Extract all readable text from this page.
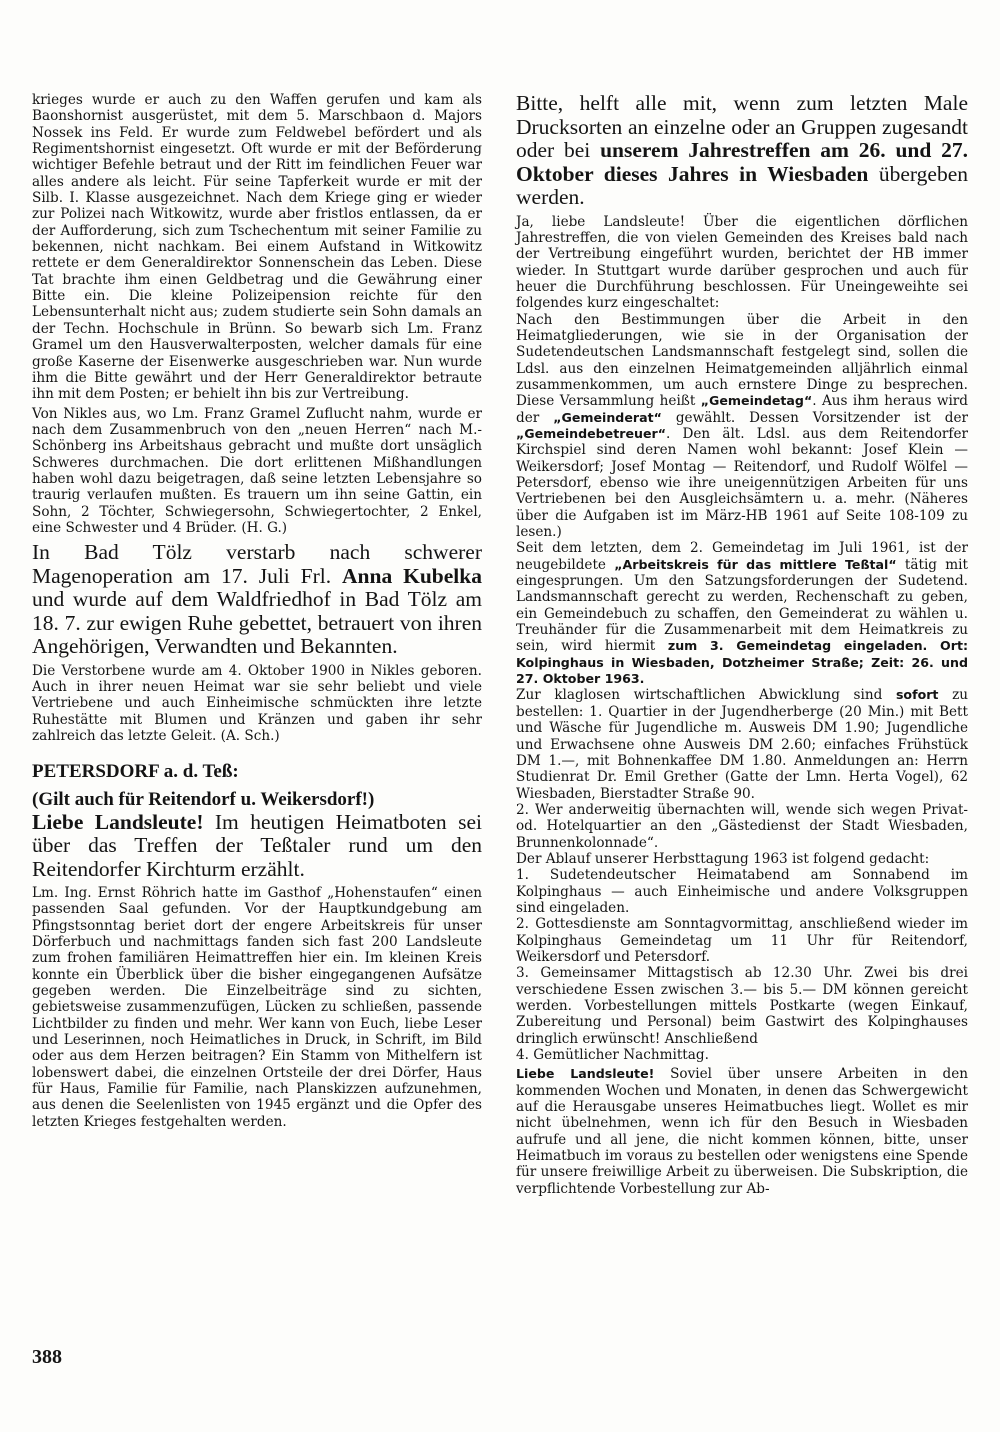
krieges wurde er auch zu den Waffen gerufen und kam als Baonshornist ausgerüstet, mit dem 5. Marschbaon d. Majors Nossek ins Feld. Er wurde zum Feldwebel befördert und als Regimentshornist eingesetzt. Oft wurde er mit der Beförderung wichtiger Befehle betraut und der Ritt im feindlichen Feuer war alles andere als leicht. Für seine Tapferkeit wurde er mit der Silb. I. Klasse ausgezeichnet. Nach dem Kriege ging er wieder zur Polizei nach Witkowitz, wurde aber fristlos entlassen, da er der Aufforderung, sich zum Tschechentum mit seiner Familie zu bekennen, nicht nachkam. Bei einem Aufstand in Witkowitz rettete er dem Generaldirektor Sonnenschein das Leben. Diese Tat brachte ihm einen Geldbetrag und die Gewährung einer Bitte ein. Die kleine Polizeipension reichte für den Lebensunterhalt nicht aus; zudem studierte sein Sohn damals an der Techn. Hochschule in Brünn. So bewarb sich Lm. Franz Gramel um den Hausverwalterposten, welcher damals für eine große Kaserne der Eisenwerke ausgeschrieben war. Nun wurde ihm die Bitte gewährt und der Herr Generaldirektor betraute ihn mit dem Posten; er behielt ihn bis zur Vertreibung.

Von Nikles aus, wo Lm. Franz Gramel Zuflucht nahm, wurde er nach dem Zusammenbruch von den „neuen Herren“ nach M.-Schönberg ins Arbeitshaus gebracht und mußte dort unsäglich Schweres durchmachen. Die dort erlittenen Mißhandlungen haben wohl dazu beigetragen, daß seine letzten Lebensjahre so traurig verlaufen mußten. Es trauern um ihn seine Gattin, ein Sohn, 2 Töchter, Schwiegersohn, Schwiegertochter, 2 Enkel, eine Schwester und 4 Brüder. (H. G.)

In Bad Tölz verstarb nach schwerer Magenoperation am 17. Juli Frl. Anna Kubelka und wurde auf dem Waldfriedhof in Bad Tölz am 18. 7. zur ewigen Ruhe gebettet, betrauert von ihren Angehörigen, Verwandten und Bekannten.

Die Verstorbene wurde am 4. Oktober 1900 in Nikles geboren. Auch in ihrer neuen Heimat war sie sehr beliebt und viele Vertriebene und auch Einheimische schmückten ihre letzte Ruhestätte mit Blumen und Kränzen und gaben ihr sehr zahlreich das letzte Geleit. (A. Sch.)

PETERSDORF a. d. Teß:
(Gilt auch für Reitendorf u. Weikersdorf!)

Liebe Landsleute! Im heutigen Heimatboten sei über das Treffen der Teßtaler rund um den Reitendorfer Kirchturm erzählt.

Lm. Ing. Ernst Röhrich hatte im Gasthof „Hohenstaufen“ einen passenden Saal gefunden. Vor der Hauptkundgebung am Pfingstsonntag beriet dort der engere Arbeitskreis für unser Dörferbuch und nachmittags fanden sich fast 200 Landsleute zum frohen familiären Heimattreffen hier ein. Im kleinen Kreis konnte ein Überblick über die bisher eingegangenen Aufsätze gegeben werden. Die Einzelbeiträge sind zu sichten, gebietsweise zusammenzufügen, Lücken zu schließen, passende Lichtbilder zu finden und mehr. Wer kann von Euch, liebe Leser und Leserinnen, noch Heimatliches in Druck, in Schrift, im Bild oder aus dem Herzen beitragen? Ein Stamm von Mithelfern ist lobenswert dabei, die einzelnen Ortsteile der drei Dörfer, Haus für Haus, Familie für Familie, nach Planskizzen aufzunehmen, aus denen die Seelenlisten von 1945 ergänzt und die Opfer des letzten Krieges festgehalten werden.

Bitte, helft alle mit, wenn zum letzten Male Drucksorten an einzelne oder an Gruppen zugesandt oder bei unserem Jahrestreffen am 26. und 27. Oktober dieses Jahres in Wiesbaden übergeben werden.

Ja, liebe Landsleute! Über die eigentlichen dörflichen Jahrestreffen, die von vielen Gemeinden des Kreises bald nach der Vertreibung eingeführt wurden, berichtet der HB immer wieder. In Stuttgart wurde darüber gesprochen und auch für heuer die Durchführung beschlossen. Für Uneingeweihte sei folgendes kurz eingeschaltet:

Nach den Bestimmungen über die Arbeit in den Heimatgliederungen, wie sie in der Organisation der Sudetendeutschen Landsmannschaft festgelegt sind, sollen die Ldsl. aus den einzelnen Heimatgemeinden alljährlich einmal zusammenkommen, um auch ernstere Dinge zu besprechen. Diese Versammlung heißt „Gemeindetag“. Aus ihm heraus wird der „Gemeinderat“ gewählt. Dessen Vorsitzender ist der „Gemeindebetreuer“. Den ält. Ldsl. aus dem Reitendorfer Kirchspiel sind deren Namen wohl bekannt: Josef Klein — Weikersdorf; Josef Montag — Reitendorf, und Rudolf Wölfel — Petersdorf, ebenso wie ihre uneigennützigen Arbeiten für uns Vertriebenen bei den Ausgleichsämtern u. a. mehr. (Näheres über die Aufgaben ist im März-HB 1961 auf Seite 108-109 zu lesen.)

Seit dem letzten, dem 2. Gemeindetag im Juli 1961, ist der neugebildete „Arbeitskreis für das mittlere Teßtal“ tätig mit eingesprungen. Um den Satzungsforderungen der Sudetend. Landsmannschaft gerecht zu werden, Rechenschaft zu geben, ein Gemeindebuch zu schaffen, den Gemeinderat zu wählen u. Treuhänder für die Zusammenarbeit mit dem Heimatkreis zu sein, wird hiermit zum 3. Gemeindetag eingeladen. Ort: Kolpinghaus in Wiesbaden, Dotzheimer Straße; Zeit: 26. und 27. Oktober 1963.

Zur klaglosen wirtschaftlichen Abwicklung sind sofort zu bestellen: 1. Quartier in der Jugendherberge (20 Min.) mit Bett und Wäsche für Jugendliche m. Ausweis DM 1.90; Jugendliche und Erwachsene ohne Ausweis DM 2.60; einfaches Frühstück DM 1.—, mit Bohnenkaffee DM 1.80. Anmeldungen an: Herrn Studienrat Dr. Emil Grether (Gatte der Lmn. Herta Vogel), 62 Wiesbaden, Bierstadter Straße 90.

2. Wer anderweitig übernachten will, wende sich wegen Privat- od. Hotelquartier an den „Gästedienst der Stadt Wiesbaden, Brunnenkolonnade“.

Der Ablauf unserer Herbsttagung 1963 ist folgend gedacht:

1. Sudetendeutscher Heimatabend am Sonnabend im Kolpinghaus — auch Einheimische und andere Volksgruppen sind eingeladen.

2. Gottesdienste am Sonntagvormittag, anschließend wieder im Kolpinghaus Gemeindetag um 11 Uhr für Reitendorf, Weikersdorf und Petersdorf.

3. Gemeinsamer Mittagstisch ab 12.30 Uhr. Zwei bis drei verschiedene Essen zwischen 3.— bis 5.— DM können gereicht werden. Vorbestellungen mittels Postkarte (wegen Einkauf, Zubereitung und Personal) beim Gastwirt des Kolpinghauses dringlich erwünscht! Anschließend

4. Gemütlicher Nachmittag.

Liebe Landsleute! Soviel über unsere Arbeiten in den kommenden Wochen und Monaten, in denen das Schwergewicht auf die Herausgabe unseres Heimatbuches liegt. Wollet es mir nicht übelnehmen, wenn ich für den Besuch in Wiesbaden aufrufe und all jene, die nicht kommen können, bitte, unser Heimatbuch im voraus zu bestellen oder wenigstens eine Spende für unsere freiwillige Arbeit zu überweisen. Die Subskription, die verpflichtende Vorbestellung zur Ab-

388
